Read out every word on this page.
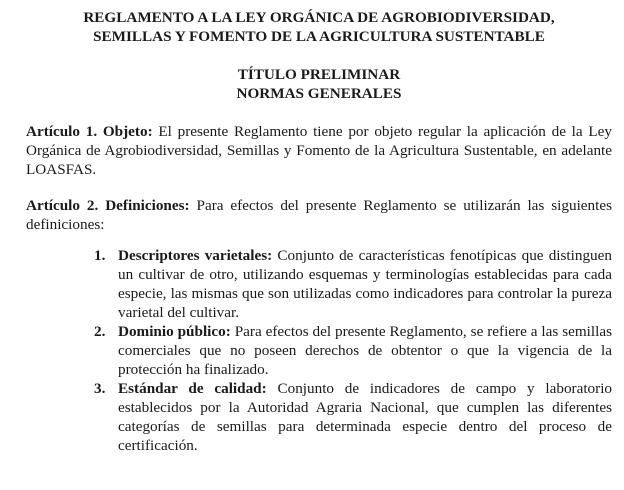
REGLAMENTO A LA LEY ORGÁNICA DE AGROBIODIVERSIDAD,
SEMILLAS Y FOMENTO DE LA AGRICULTURA SUSTENTABLE
TÍTULO PRELIMINAR
NORMAS GENERALES

Artículo 1. Objeto: El presente Reglamento tiene por objeto regular la aplicación de la Ley Orgánica de Agrobiodiversidad, Semillas y Fomento de la Agricultura Sustentable, en adelante LOASFAS.

Artículo 2. Definiciones: Para efectos del presente Reglamento se utilizarán las siguientes definiciones:

1. Descriptores varietales: Conjunto de características fenotípicas que distinguen un cultivar de otro, utilizando esquemas y terminologías establecidas para cada especie, las mismas que son utilizadas como indicadores para controlar la pureza varietal del cultivar.
2. Dominio público: Para efectos del presente Reglamento, se refiere a las semillas comerciales que no poseen derechos de obtentor o que la vigencia de la protección ha finalizado.
3. Estándar de calidad: Conjunto de indicadores de campo y laboratorio establecidos por la Autoridad Agraria Nacional, que cumplen las diferentes categorías de semillas para determinada especie dentro del proceso de certificación.
